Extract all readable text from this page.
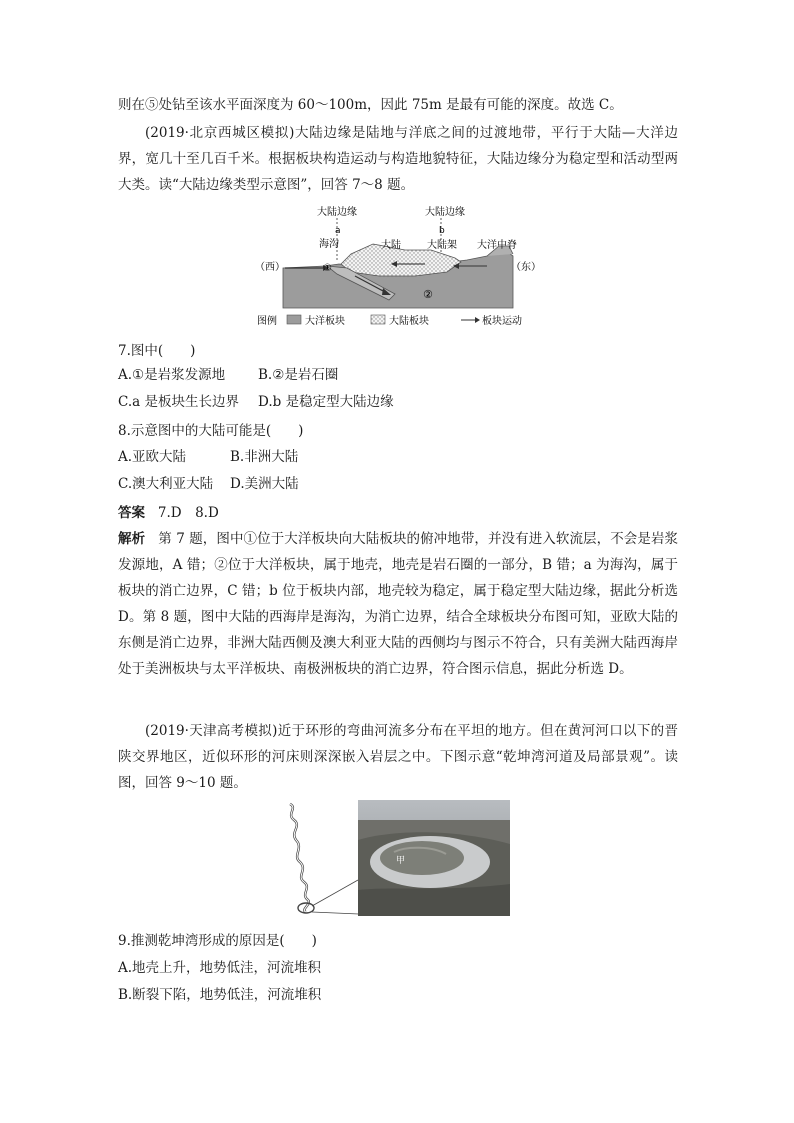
则在⑤处钻至该水平面深度为 60～100m，因此 75m 是最有可能的深度。故选 C。

(2019·北京西城区模拟)大陆边缘是陆地与洋底之间的过渡地带，平行于大陆—大洋边界，宽几十至几百千米。根据板块构造运动与构造地貌特征，大陆边缘分为稳定型和活动型两大类。读“大陆边缘类型示意图”，回答 7～8 题。

大陆边缘
a
大陆边缘
b
海沟	大陆	大陆架 大洋中脊
（西）	（东）
①
②
图例	大洋板块	大陆板块	板块运动

7.图中(　　)

A.①是岩浆发源地 B.②是岩石圈
C.a 是板块生长边界 D.b 是稳定型大陆边缘

8.示意图中的大陆可能是(　　)

A.亚欧大陆	B.非洲大陆
C.澳大利亚大陆 D.美洲大陆

答案 7.D　8.D

解析 第 7 题，图中①位于大洋板块向大陆板块的俯冲地带，并没有进入软流层，不会是岩浆发源地，A 错；②位于大洋板块，属于地壳，地壳是岩石圈的一部分，B 错；a 为海沟，属于板块的消亡边界，C 错；b 位于板块内部，地壳较为稳定，属于稳定型大陆边缘，据此分析选 D。第 8 题，图中大陆的西海岸是海沟，为消亡边界，结合全球板块分布图可知，亚欧大陆的东侧是消亡边界，非洲大陆西侧及澳大利亚大陆的西侧均与图示不符合，只有美洲大陆西海岸处于美洲板块与太平洋板块、南极洲板块的消亡边界，符合图示信息，据此分析选 D。

(2019·天津高考模拟)近于环形的弯曲河流多分布在平坦的地方。但在黄河河口以下的晋陕交界地区，近似环形的河床则深深嵌入岩层之中。下图示意“乾坤湾河道及局部景观”。读图，回答 9～10 题。

甲

9.推测乾坤湾形成的原因是(　　)

A.地壳上升，地势低洼，河流堆积

B.断裂下陷，地势低洼，河流堆积
